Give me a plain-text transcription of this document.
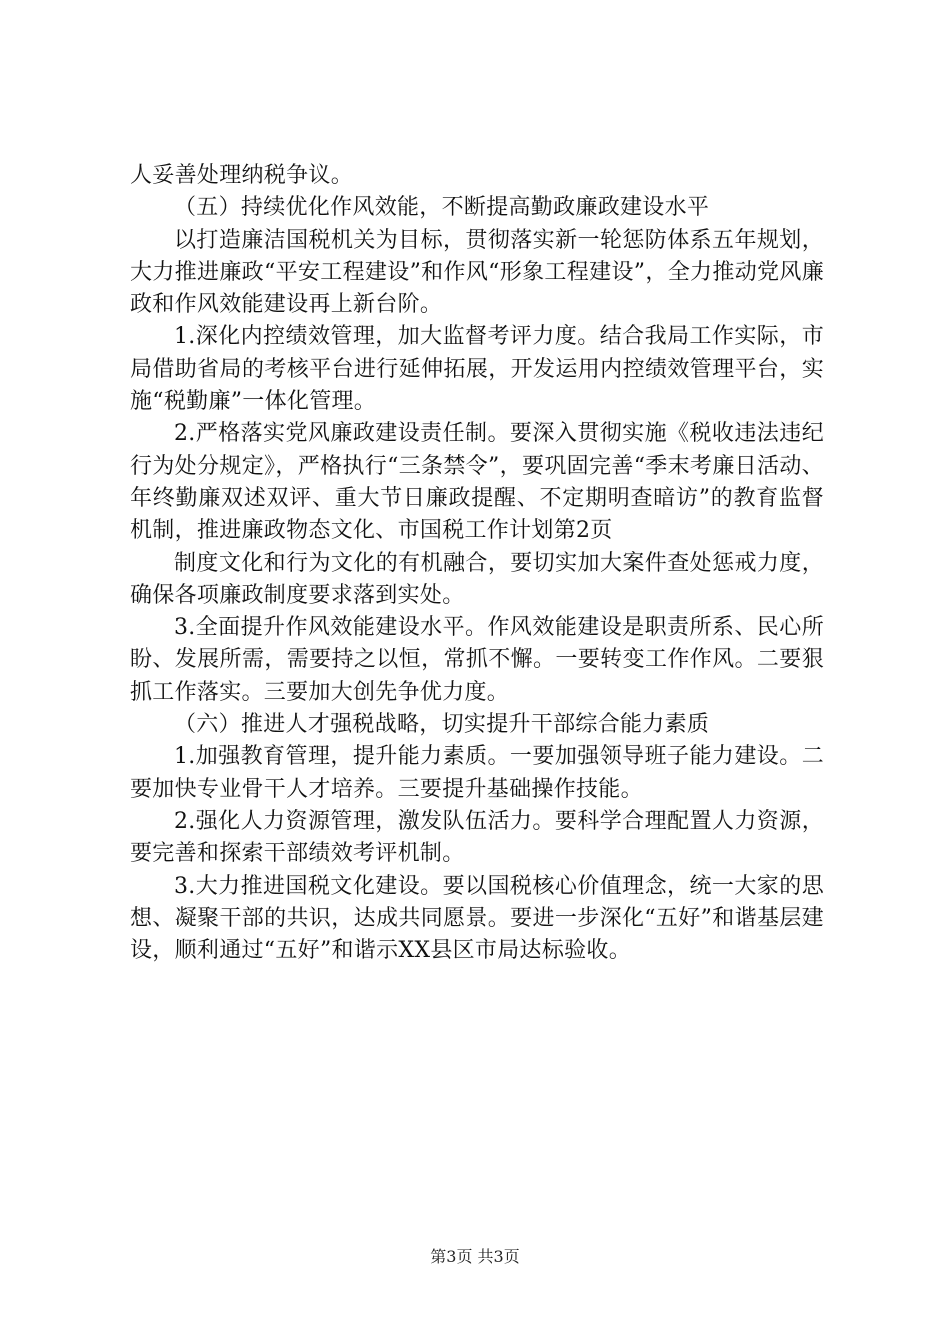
人妥善处理纳税争议。

（五）持续优化作风效能，不断提高勤政廉政建设水平

以打造廉洁国税机关为目标，贯彻落实新一轮惩防体系五年规划，大力推进廉政“平安工程建设”和作风“形象工程建设”，全力推动党风廉政和作风效能建设再上新台阶。

1.深化内控绩效管理，加大监督考评力度。结合我局工作实际，市局借助省局的考核平台进行延伸拓展，开发运用内控绩效管理平台，实施“税勤廉”一体化管理。

2.严格落实党风廉政建设责任制。要深入贯彻实施《税收违法违纪行为处分规定》，严格执行“三条禁令”，要巩固完善“季末考廉日活动、年终勤廉双述双评、重大节日廉政提醒、不定期明查暗访”的教育监督机制，推进廉政物态文化、市国税工作计划第2页

制度文化和行为文化的有机融合，要切实加大案件查处惩戒力度，确保各项廉政制度要求落到实处。

3.全面提升作风效能建设水平。作风效能建设是职责所系、民心所盼、发展所需，需要持之以恒，常抓不懈。一要转变工作作风。二要狠抓工作落实。三要加大创先争优力度。

（六）推进人才强税战略，切实提升干部综合能力素质

1.加强教育管理，提升能力素质。一要加强领导班子能力建设。二要加快专业骨干人才培养。三要提升基础操作技能。

2.强化人力资源管理，激发队伍活力。要科学合理配置人力资源，要完善和探索干部绩效考评机制。

3.大力推进国税文化建设。要以国税核心价值理念，统一大家的思想、凝聚干部的共识，达成共同愿景。要进一步深化“五好”和谐基层建设，顺利通过“五好”和谐示XX县区市局达标验收。

第3页 共3页
